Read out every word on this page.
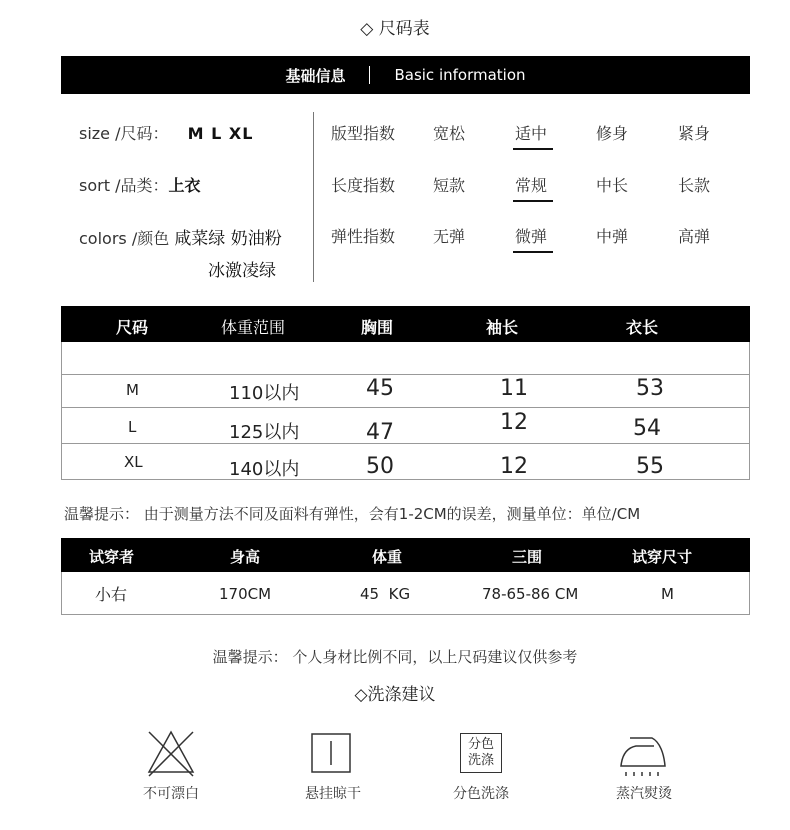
◇ 尺码表
基础信息	Basic information
size /尺码： M L XL
sort /品类：上衣
colors /颜色 咸菜绿 奶油粉
冰激凌绿
版型指数 宽松	适中	修身	紧身
长度指数 短款	常规	中长	长款
弹性指数 无弹	微弹	中弹	高弹
尺码	体重范围	胸围	袖长	衣长
M	110以内	45	11	53
L	125以内	47	12	54
XL	140以内	50	12	55
温馨提示： 由于测量方法不同及面料有弹性，会有1-2CM的误差，测量单位：单位/CM
试穿者	身高	体重	三围	试穿尺寸
小右	170CM	45  KG	78-65-86 CM	M
温馨提示： 个人身材比例不同，以上尺码建议仅供参考
◇洗涤建议
不可漂白	悬挂晾干
分色
洗涤
分色洗涤	蒸汽熨烫
